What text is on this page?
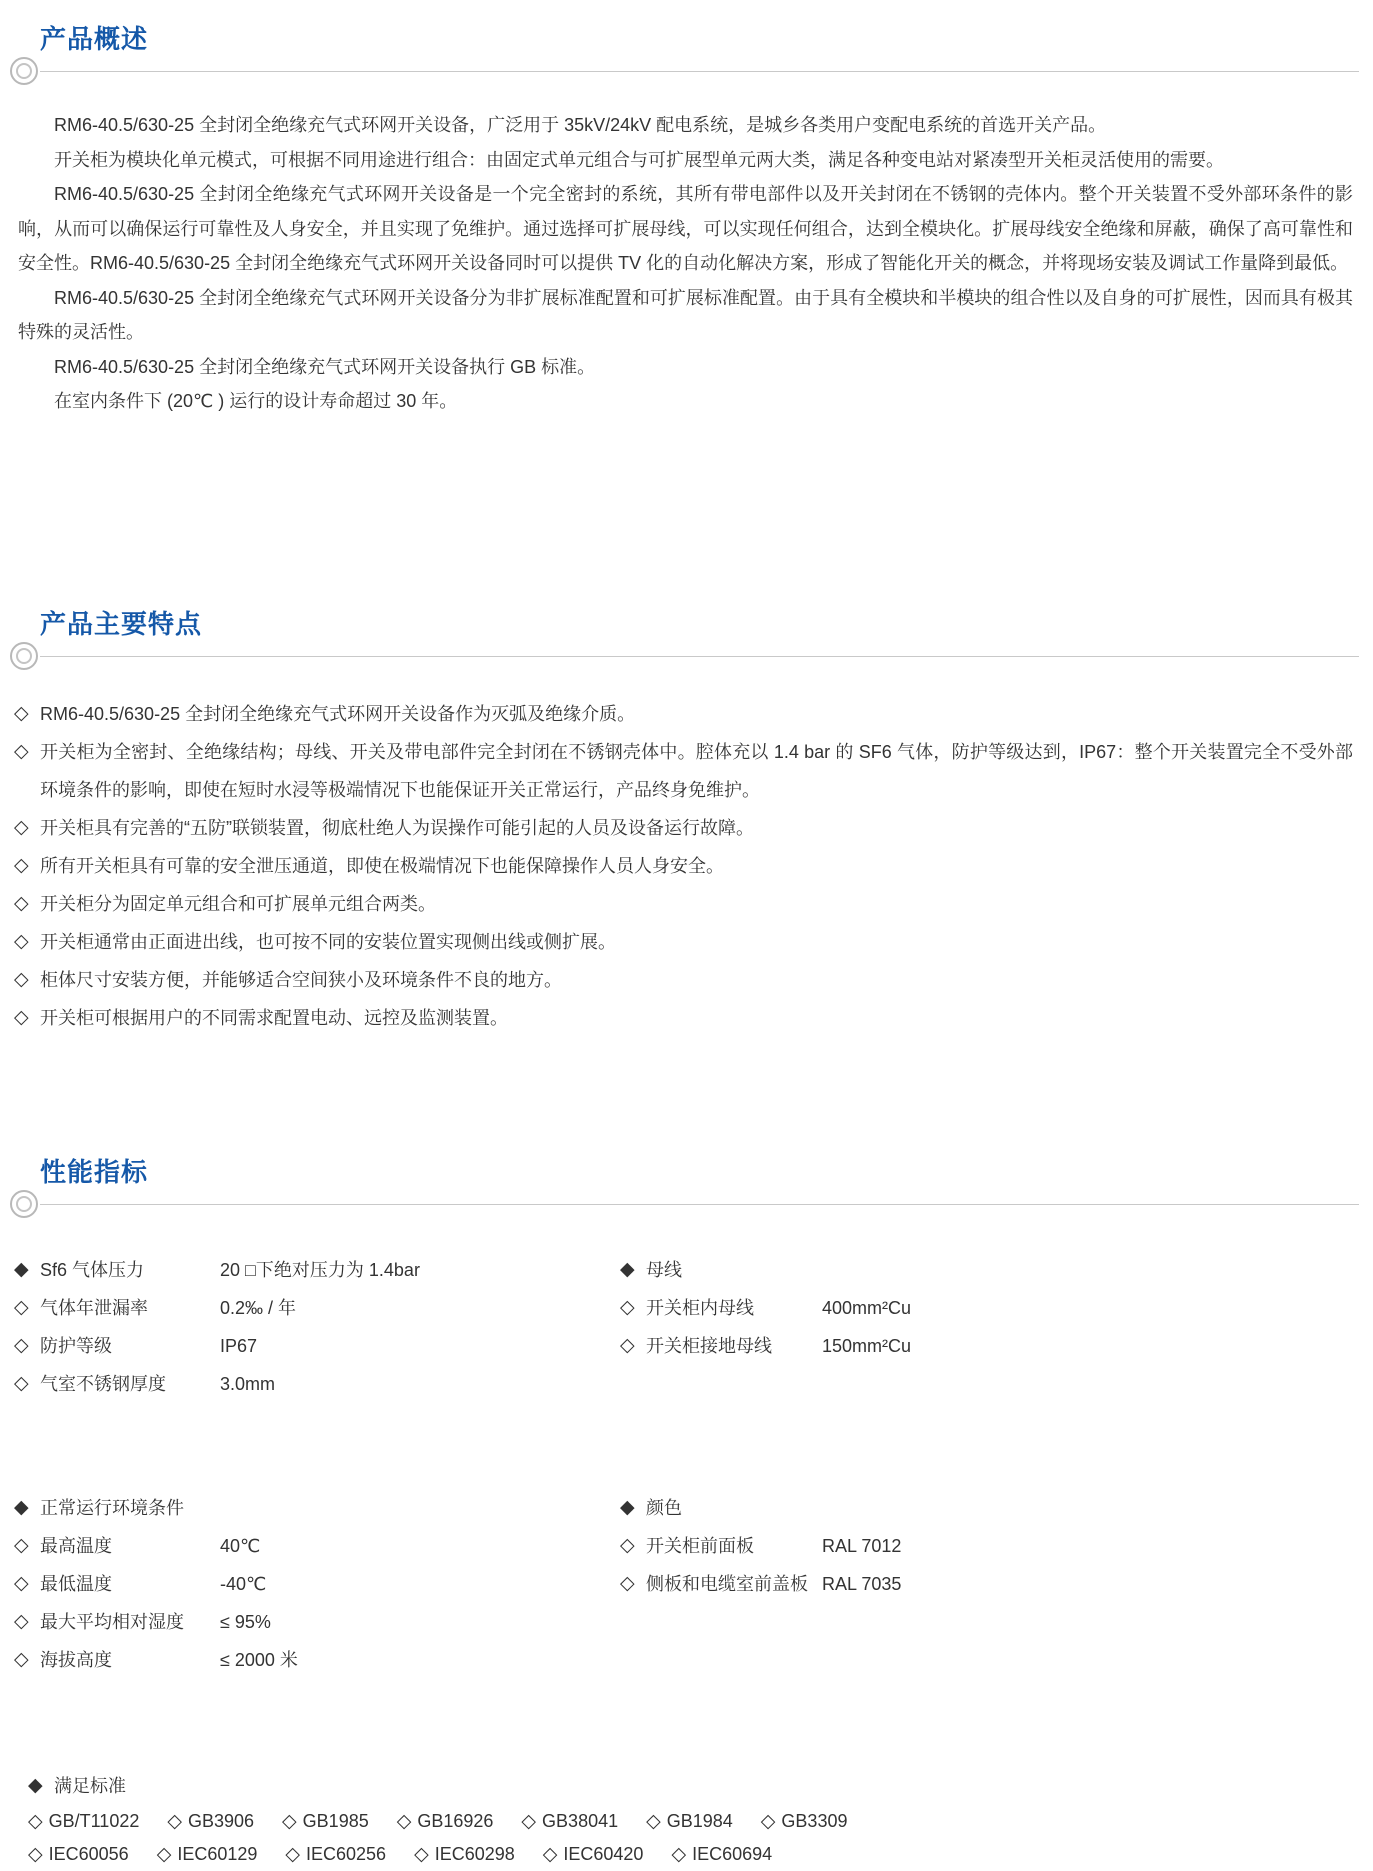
产品概述

RM6-40.5/630-25 全封闭全绝缘充气式环网开关设备，广泛用于 35kV/24kV 配电系统，是城乡各类用户变配电系统的首选开关产品。

开关柜为模块化单元模式，可根据不同用途进行组合：由固定式单元组合与可扩展型单元两大类，满足各种变电站对紧凑型开关柜灵活使用的需要。

RM6-40.5/630-25 全封闭全绝缘充气式环网开关设备是一个完全密封的系统，其所有带电部件以及开关封闭在不锈钢的壳体内。整个开关装置不受外部环条件的影响，从而可以确保运行可靠性及人身安全，并且实现了免维护。通过选择可扩展母线，可以实现任何组合，达到全模块化。扩展母线安全绝缘和屏蔽，确保了高可靠性和安全性。RM6-40.5/630-25 全封闭全绝缘充气式环网开关设备同时可以提供 TV 化的自动化解决方案，形成了智能化开关的概念，并将现场安装及调试工作量降到最低。

RM6-40.5/630-25 全封闭全绝缘充气式环网开关设备分为非扩展标准配置和可扩展标准配置。由于具有全模块和半模块的组合性以及自身的可扩展性，因而具有极其特殊的灵活性。

RM6-40.5/630-25 全封闭全绝缘充气式环网开关设备执行 GB 标准。

在室内条件下 (20℃ ) 运行的设计寿命超过 30 年。

产品主要特点
◇ RM6-40.5/630-25 全封闭全绝缘充气式环网开关设备作为灭弧及绝缘介质。
◇ 开关柜为全密封、全绝缘结构；母线、开关及带电部件完全封闭在不锈钢壳体中。腔体充以 1.4 bar 的 SF6 气体，防护等级达到，IP67：整个开关装置完全不受外部环境条件的影响，即使在短时水浸等极端情况下也能保证开关正常运行，产品终身免维护。
◇ 开关柜具有完善的“五防”联锁装置，彻底杜绝人为误操作可能引起的人员及设备运行故障。
◇ 所有开关柜具有可靠的安全泄压通道，即使在极端情况下也能保障操作人员人身安全。
◇ 开关柜分为固定单元组合和可扩展单元组合两类。
◇ 开关柜通常由正面进出线，也可按不同的安装位置实现侧出线或侧扩展。
◇ 柜体尺寸安装方便，并能够适合空间狭小及环境条件不良的地方。
◇ 开关柜可根据用户的不同需求配置电动、远控及监测装置。
性能指标
◆ Sf6 气体压力	20 □下绝对压力为 1.4bar
◇ 气体年泄漏率	0.2‰ / 年
◇ 防护等级	IP67
◇ 气室不锈钢厚度	3.0mm
◆ 母线
◇ 开关柜内母线	400mm²Cu
◇ 开关柜接地母线	150mm²Cu
◆ 正常运行环境条件
◇ 最高温度	40℃
◇ 最低温度	-40℃
◇ 最大平均相对湿度	≤ 95%
◇ 海拔高度	≤ 2000 米
◆ 颜色
◇ 开关柜前面板	RAL 7012
◇ 侧板和电缆室前盖板 RAL 7035
◆ 满足标准
◇ GB/T11022 ◇ GB3906 ◇ GB1985 ◇ GB16926 ◇ GB38041 ◇ GB1984 ◇ GB3309
◇ IEC60056 ◇ IEC60129 ◇ IEC60256 ◇ IEC60298 ◇ IEC60420 ◇ IEC60694
